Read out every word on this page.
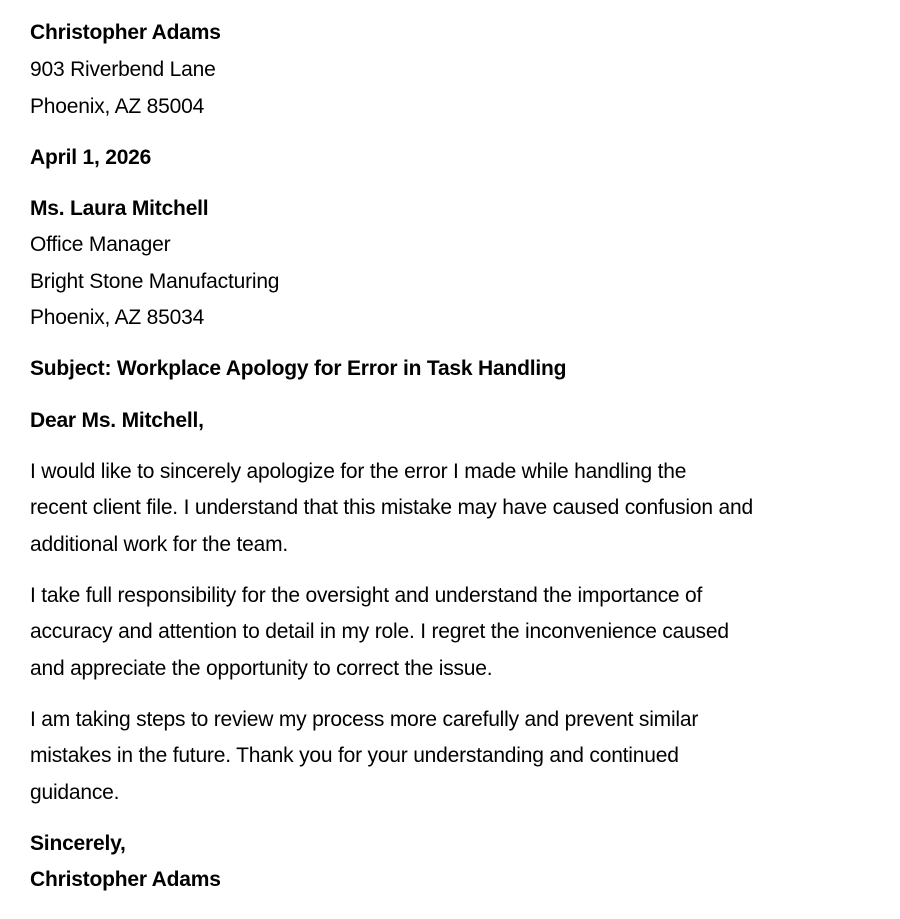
Christopher Adams
903 Riverbend Lane
Phoenix, AZ 85004
April 1, 2026
Ms. Laura Mitchell
Office Manager
Bright Stone Manufacturing
Phoenix, AZ 85034
Subject: Workplace Apology for Error in Task Handling
Dear Ms. Mitchell,
I would like to sincerely apologize for the error I made while handling the
recent client file. I understand that this mistake may have caused confusion and
additional work for the team.
I take full responsibility for the oversight and understand the importance of
accuracy and attention to detail in my role. I regret the inconvenience caused
and appreciate the opportunity to correct the issue.
I am taking steps to review my process more carefully and prevent similar
mistakes in the future. Thank you for your understanding and continued
guidance.
Sincerely,
Christopher Adams
